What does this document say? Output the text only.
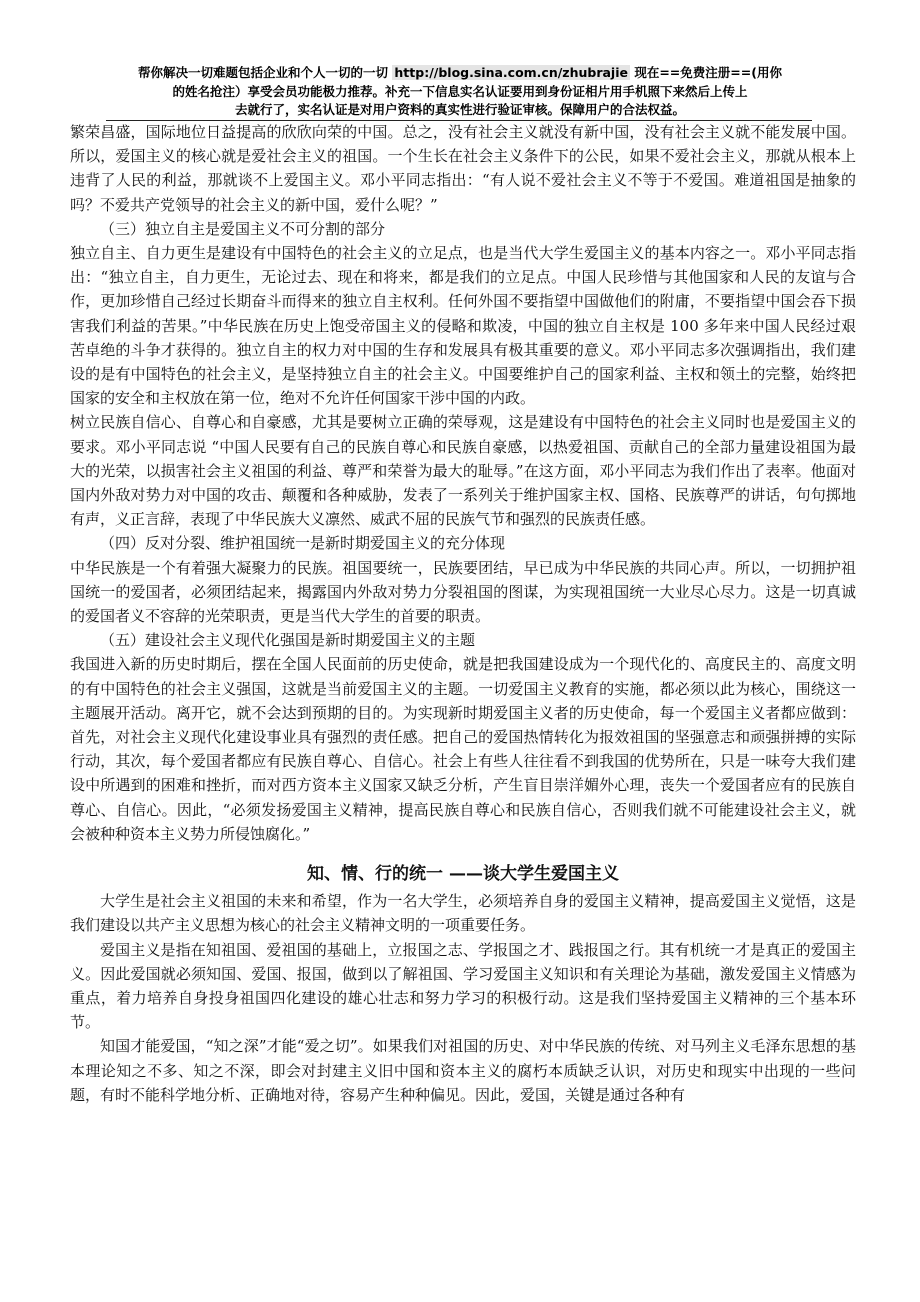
帮你解决一切难题包括企业和个人一切的一切 http://blog.sina.com.cn/zhubrajie 现在==免费注册==(用你
的姓名抢注）享受会员功能极力推荐。补充一下信息实名认证要用到身份证相片用手机照下来然后上传上
去就行了，实名认证是对用户资料的真实性进行验证审核。保障用户的合法权益。

繁荣昌盛，国际地位日益提高的欣欣向荣的中国。总之，没有社会主义就没有新中国，没有社会主义就不能发展中国。所以，爱国主义的核心就是爱社会主义的祖国。一个生长在社会主义条件下的公民，如果不爱社会主义，那就从根本上违背了人民的利益，那就谈不上爱国主义。邓小平同志指出：“有人说不爱社会主义不等于不爱国。难道祖国是抽象的吗？不爱共产党领导的社会主义的新中国，爱什么呢？”

（三）独立自主是爱国主义不可分割的部分

独立自主、自力更生是建设有中国特色的社会主义的立足点，也是当代大学生爱国主义的基本内容之一。邓小平同志指出：“独立自主，自力更生，无论过去、现在和将来，都是我们的立足点。中国人民珍惜与其他国家和人民的友谊与合作，更加珍惜自己经过长期奋斗而得来的独立自主权利。任何外国不要指望中国做他们的附庸，不要指望中国会吞下损害我们利益的苦果。”中华民族在历史上饱受帝国主义的侵略和欺凌，中国的独立自主权是 100 多年来中国人民经过艰苦卓绝的斗争才获得的。独立自主的权力对中国的生存和发展具有极其重要的意义。邓小平同志多次强调指出，我们建设的是有中国特色的社会主义，是坚持独立自主的社会主义。中国要维护自己的国家利益、主权和领土的完整，始终把国家的安全和主权放在第一位，绝对不允许任何国家干涉中国的内政。

树立民族自信心、自尊心和自豪感，尤其是要树立正确的荣辱观，这是建设有中国特色的社会主义同时也是爱国主义的要求。邓小平同志说 “中国人民要有自己的民族自尊心和民族自豪感，以热爱祖国、贡献自己的全部力量建设祖国为最大的光荣，以损害社会主义祖国的利益、尊严和荣誉为最大的耻辱。”在这方面，邓小平同志为我们作出了表率。他面对国内外敌对势力对中国的攻击、颠覆和各种威胁，发表了一系列关于维护国家主权、国格、民族尊严的讲话，句句掷地有声，义正言辞，表现了中华民族大义凛然、威武不屈的民族气节和强烈的民族责任感。

（四）反对分裂、维护祖国统一是新时期爱国主义的充分体现

中华民族是一个有着强大凝聚力的民族。祖国要统一，民族要团结，早已成为中华民族的共同心声。所以，一切拥护祖国统一的爱国者，必须团结起来，揭露国内外敌对势力分裂祖国的图谋，为实现祖国统一大业尽心尽力。这是一切真诚的爱国者义不容辞的光荣职责，更是当代大学生的首要的职责。

（五）建设社会主义现代化强国是新时期爱国主义的主题

我国进入新的历史时期后，摆在全国人民面前的历史使命，就是把我国建设成为一个现代化的、高度民主的、高度文明的有中国特色的社会主义强国，这就是当前爱国主义的主题。一切爱国主义教育的实施，都必须以此为核心，围绕这一主题展开活动。离开它，就不会达到预期的目的。为实现新时期爱国主义者的历史使命，每一个爱国主义者都应做到：首先，对社会主义现代化建设事业具有强烈的责任感。把自己的爱国热情转化为报效祖国的坚强意志和顽强拼搏的实际行动，其次，每个爱国者都应有民族自尊心、自信心。社会上有些人往往看不到我国的优势所在，只是一味夸大我们建设中所遇到的困难和挫折，而对西方资本主义国家又缺乏分析，产生盲目崇洋媚外心理，丧失一个爱国者应有的民族自尊心、自信心。因此，“必须发扬爱国主义精神，提高民族自尊心和民族自信心，否则我们就不可能建设社会主义，就会被种种资本主义势力所侵蚀腐化。”

知、情、行的统一 ——谈大学生爱国主义

大学生是社会主义祖国的未来和希望，作为一名大学生，必须培养自身的爱国主义精神，提高爱国主义觉悟，这是我们建设以共产主义思想为核心的社会主义精神文明的一项重要任务。

爱国主义是指在知祖国、爱祖国的基础上，立报国之志、学报国之才、践报国之行。其有机统一才是真正的爱国主义。因此爱国就必须知国、爱国、报国，做到以了解祖国、学习爱国主义知识和有关理论为基础，激发爱国主义情感为重点，着力培养自身投身祖国四化建设的雄心壮志和努力学习的积极行动。这是我们坚持爱国主义精神的三个基本环节。

知国才能爱国，“知之深”才能“爱之切”。如果我们对祖国的历史、对中华民族的传统、对马列主义毛泽东思想的基本理论知之不多、知之不深，即会对封建主义旧中国和资本主义的腐朽本质缺乏认识，对历史和现实中出现的一些问题，有时不能科学地分析、正确地对待，容易产生种种偏见。因此，爱国，关键是通过各种有
